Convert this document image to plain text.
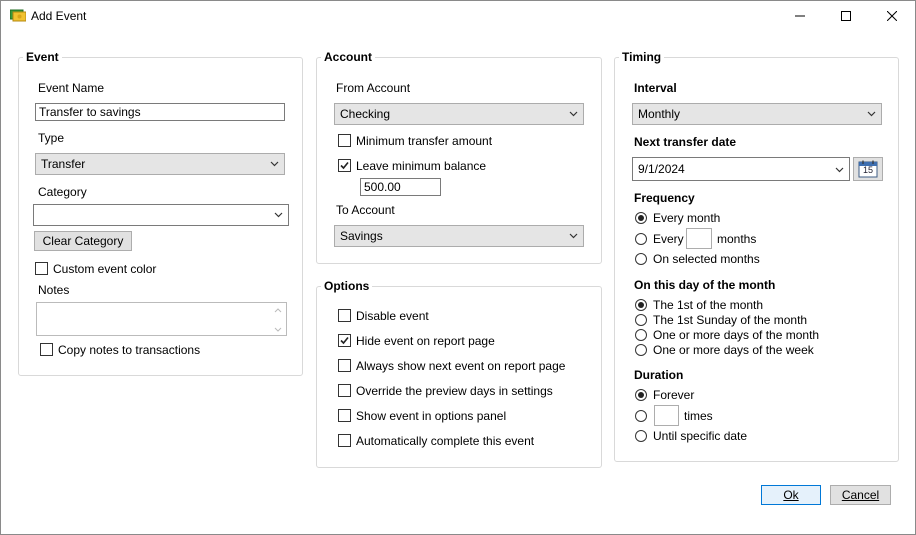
Add Event
Event
Event Name
Transfer to savings
Type
Transfer
Category
Clear Category
Custom event color
Notes
Copy notes to transactions
Account
From Account
Checking
Minimum transfer amount
Leave minimum balance
500.00
To Account
Savings
Options
Disable event
Hide event on report page
Always show next event on report page
Override the preview days in settings
Show event in options panel
Automatically complete this event
Timing
Interval
Monthly
Next transfer date
9/1/2024	15
Frequency
Every month
Every	months
On selected months
On this day of the month
The 1st of the month
The 1st Sunday of the month
One or more days of the month
One or more days of the week
Duration
Forever
times
Until specific date
Ok	Cancel
